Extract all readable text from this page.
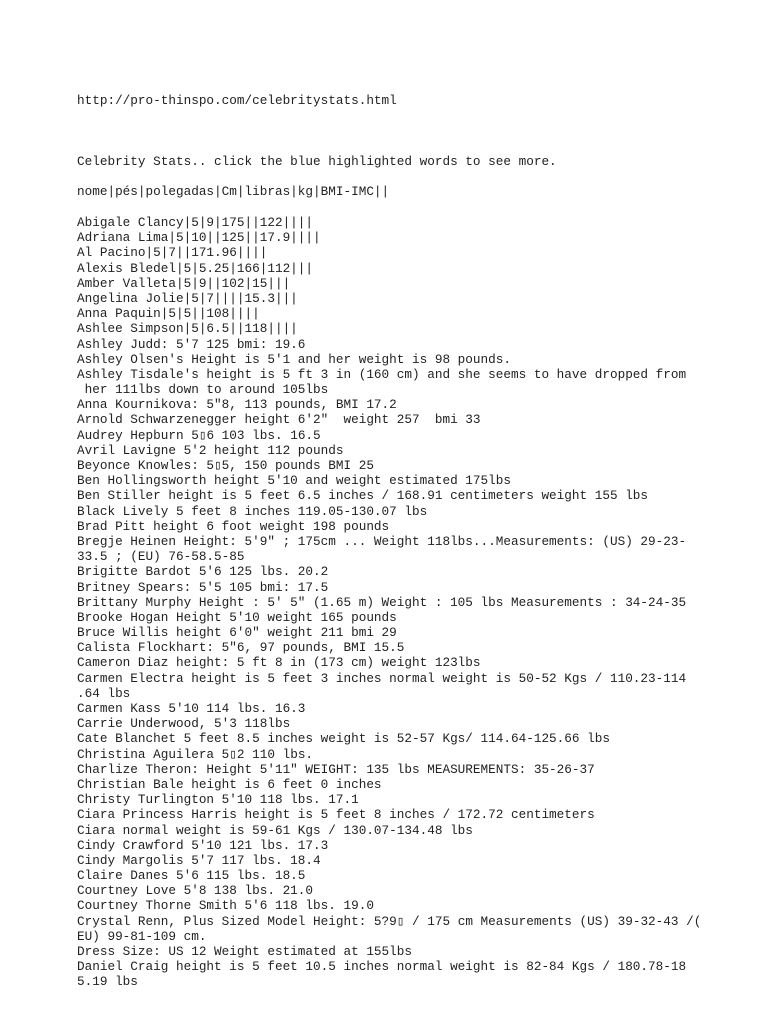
http://pro-thinspo.com/celebritystats.html
Celebrity Stats.. click the blue highlighted words to see more.
nome|pés|polegadas|Cm|libras|kg|BMI-IMC||
Abigale Clancy|5|9|175||122||||
Adriana Lima|5|10||125||17.9||||
Al Pacino|5|7||171.96||||
Alexis Bledel|5|5.25|166|112|||
Amber Valleta|5|9||102|15|||
Angelina Jolie|5|7||||15.3|||
Anna Paquin|5|5||108||||
Ashlee Simpson|5|6.5||118||||
Ashley Judd: 5'7 125 bmi: 19.6
Ashley Olsen's Height is 5'1 and her weight is 98 pounds.
Ashley Tisdale's height is 5 ft 3 in (160 cm) and she seems to have dropped from
her 111lbs down to around 105lbs
Anna Kournikova: 5"8, 113 pounds, BMI 17.2
Arnold Schwarzenegger height 6'2"  weight 257  bmi 33
Audrey Hepburn 5▯6 103 lbs. 16.5
Avril Lavigne 5'2 height 112 pounds
Beyonce Knowles: 5▯5, 150 pounds BMI 25
Ben Hollingsworth height 5'10 and weight estimated 175lbs
Ben Stiller height is 5 feet 6.5 inches / 168.91 centimeters weight 155 lbs
Black Lively 5 feet 8 inches 119.05-130.07 lbs
Brad Pitt height 6 foot weight 198 pounds
Bregje Heinen Height: 5'9" ; 175cm ... Weight 118lbs...Measurements: (US) 29-23-
33.5 ; (EU) 76-58.5-85
Brigitte Bardot 5'6 125 lbs. 20.2
Britney Spears: 5'5 105 bmi: 17.5
Brittany Murphy Height : 5' 5" (1.65 m) Weight : 105 lbs Measurements : 34-24-35
Brooke Hogan Height 5'10 weight 165 pounds
Bruce Willis height 6'0" weight 211 bmi 29
Calista Flockhart: 5"6, 97 pounds, BMI 15.5
Cameron Diaz height: 5 ft 8 in (173 cm) weight 123lbs
Carmen Electra height is 5 feet 3 inches normal weight is 50-52 Kgs / 110.23-114
.64 lbs
Carmen Kass 5'10 114 lbs. 16.3
Carrie Underwood, 5'3 118lbs
Cate Blanchet 5 feet 8.5 inches weight is 52-57 Kgs/ 114.64-125.66 lbs
Christina Aguilera 5▯2 110 lbs.
Charlize Theron: Height 5'11" WEIGHT: 135 lbs MEASUREMENTS: 35-26-37
Christian Bale height is 6 feet 0 inches
Christy Turlington 5'10 118 lbs. 17.1
Ciara Princess Harris height is 5 feet 8 inches / 172.72 centimeters
Ciara normal weight is 59-61 Kgs / 130.07-134.48 lbs
Cindy Crawford 5'10 121 lbs. 17.3
Cindy Margolis 5'7 117 lbs. 18.4
Claire Danes 5'6 115 lbs. 18.5
Courtney Love 5'8 138 lbs. 21.0
Courtney Thorne Smith 5'6 118 lbs. 19.0
Crystal Renn, Plus Sized Model Height: 5?9▯ / 175 cm Measurements (US) 39-32-43 /(
EU) 99-81-109 cm.
Dress Size: US 12 Weight estimated at 155lbs
Daniel Craig height is 5 feet 10.5 inches normal weight is 82-84 Kgs / 180.78-18
5.19 lbs
